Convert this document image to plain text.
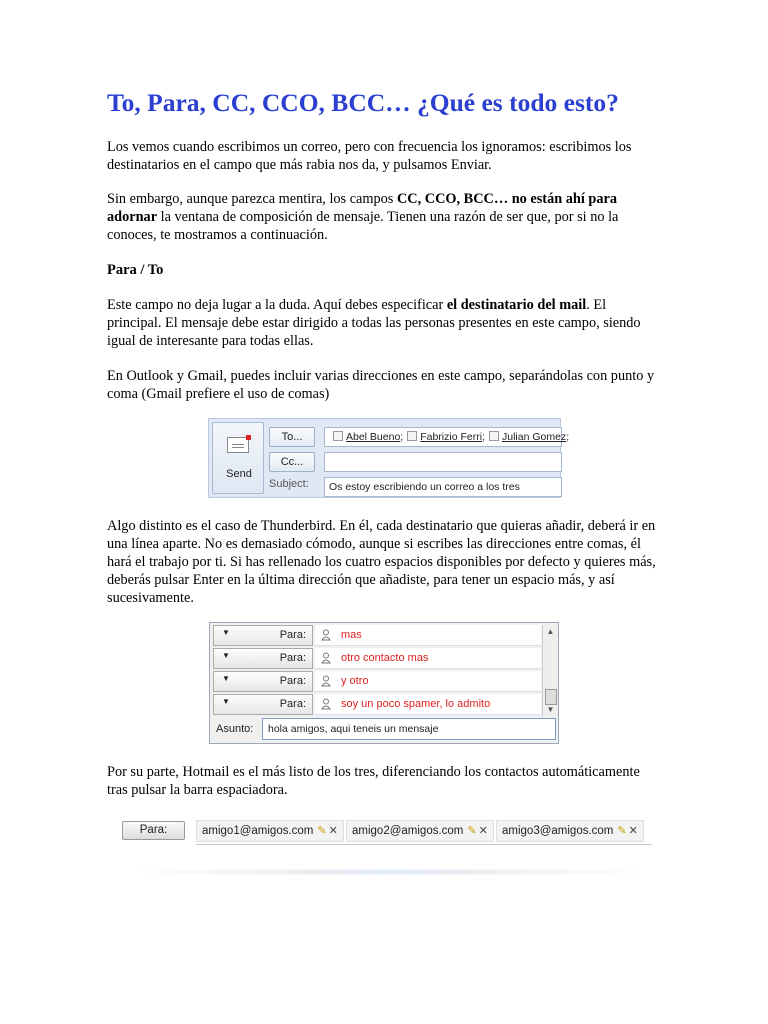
To, Para, CC, CCO, BCC… ¿Qué es todo esto?

Los vemos cuando escribimos un correo, pero con frecuencia los ignoramos: escribimos los destinatarios en el campo que más rabia nos da, y pulsamos Enviar.

Sin embargo, aunque parezca mentira, los campos CC, CCO, BCC… no están ahí para adornar la ventana de composición de mensaje. Tienen una razón de ser que, por si no la conoces, te mostramos a continuación.

Para / To

Este campo no deja lugar a la duda. Aquí debes especificar el destinatario del mail. El principal. El mensaje debe estar dirigido a todas las personas presentes en este campo, siendo igual de interesante para todas ellas.

En Outlook y Gmail, puedes incluir varias direcciones en este campo, separándolas con punto y coma (Gmail prefiere el uso de comas)

Send
To...	Abel Bueno; Fabrizio Ferri; Julian Gomez;
Cc...
Subject:	Os estoy escribiendo un correo a los tres

Algo distinto es el caso de Thunderbird. En él, cada destinatario que quieras añadir, deberá ir en una línea aparte. No es demasiado cómodo, aunque si escribes las direcciones entre comas, él hará el trabajo por ti. Si has rellenado los cuatro espacios disponibles por defecto y quieres más, deberás pulsar Enter en la última dirección que añadiste, para tener un espacio más, y así sucesivamente.

▼	Para:	mas
▼	Para:	otro contacto mas
▼	Para:	y otro
▼	Para:	soy un poco spamer, lo admito
▲
▼
Asunto:	hola amigos, aqui teneis un mensaje

Por su parte, Hotmail es el más listo de los tres, diferenciando los contactos automáticamente tras pulsar la barra espaciadora.

Para:	amigo1@amigos.com ✎ ✕	amigo2@amigos.com ✎ ✕	amigo3@amigos.com ✎ ✕
